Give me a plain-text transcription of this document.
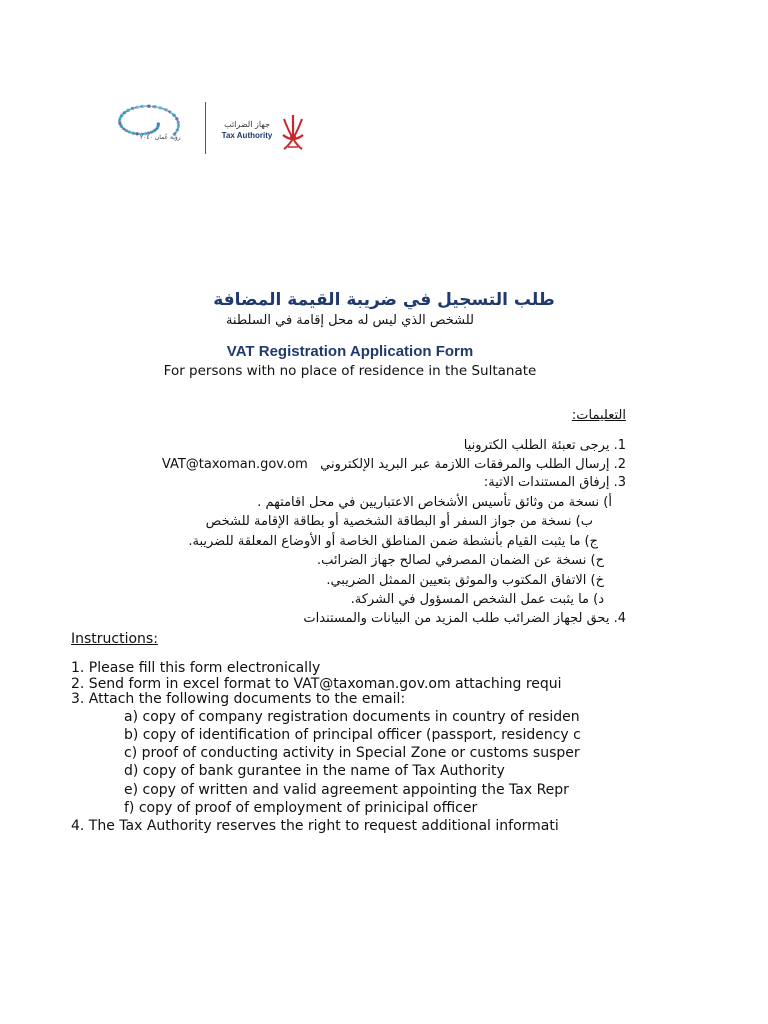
رؤية عُمان ٢٠٤٠
جهاز الضرائب
Tax Authority
طلب التسجيل في ضريبة القيمة المضافة
للشخص الذي ليس له محل إقامة في السلطنة
VAT Registration Application Form
For persons with no place of residence in the Sultanate
التعليمات:
1. يرجى تعبئة الطلب الكترونيا
2. إرسال الطلب والمرفقات اللازمة عبر البريد الإلكتروني   VAT@taxoman.gov.om
3. إرفاق المستندات الاتية:
أ) نسخة من وثائق تأسيس الأشخاص الاعتباريين في محل اقامتهم .
ب) نسخة من جواز السفر أو البطاقة الشخصية أو بطاقة الإقامة للشخص
ج) ما يثبت القيام بأنشطة ضمن المناطق الخاصة أو الأوضاع المعلقة للضريبة.
ح) نسخة عن الضمان المصرفي لصالح جهاز الضرائب.
خ) الاتفاق المكتوب والموثق بتعيين الممثل الضريبي.
د) ما يثبت عمل الشخص المسؤول في الشركة.
4. يحق لجهاز الضرائب طلب المزيد من البيانات والمستندات
Instructions:
1. Please fill this form electronically
2. Send form in excel format to VAT@taxoman.gov.om attaching requi
3. Attach the following documents to the email:
a) copy of company registration documents in country of residen
b) copy of identification of principal officer (passport, residency c
c) proof of conducting activity in Special Zone or customs susper
d) copy of bank gurantee in the name of Tax Authority
e) copy of written and valid agreement appointing the Tax Repr
f) copy of proof of employment of prinicipal officer
4. The Tax Authority reserves the right to request additional informati
